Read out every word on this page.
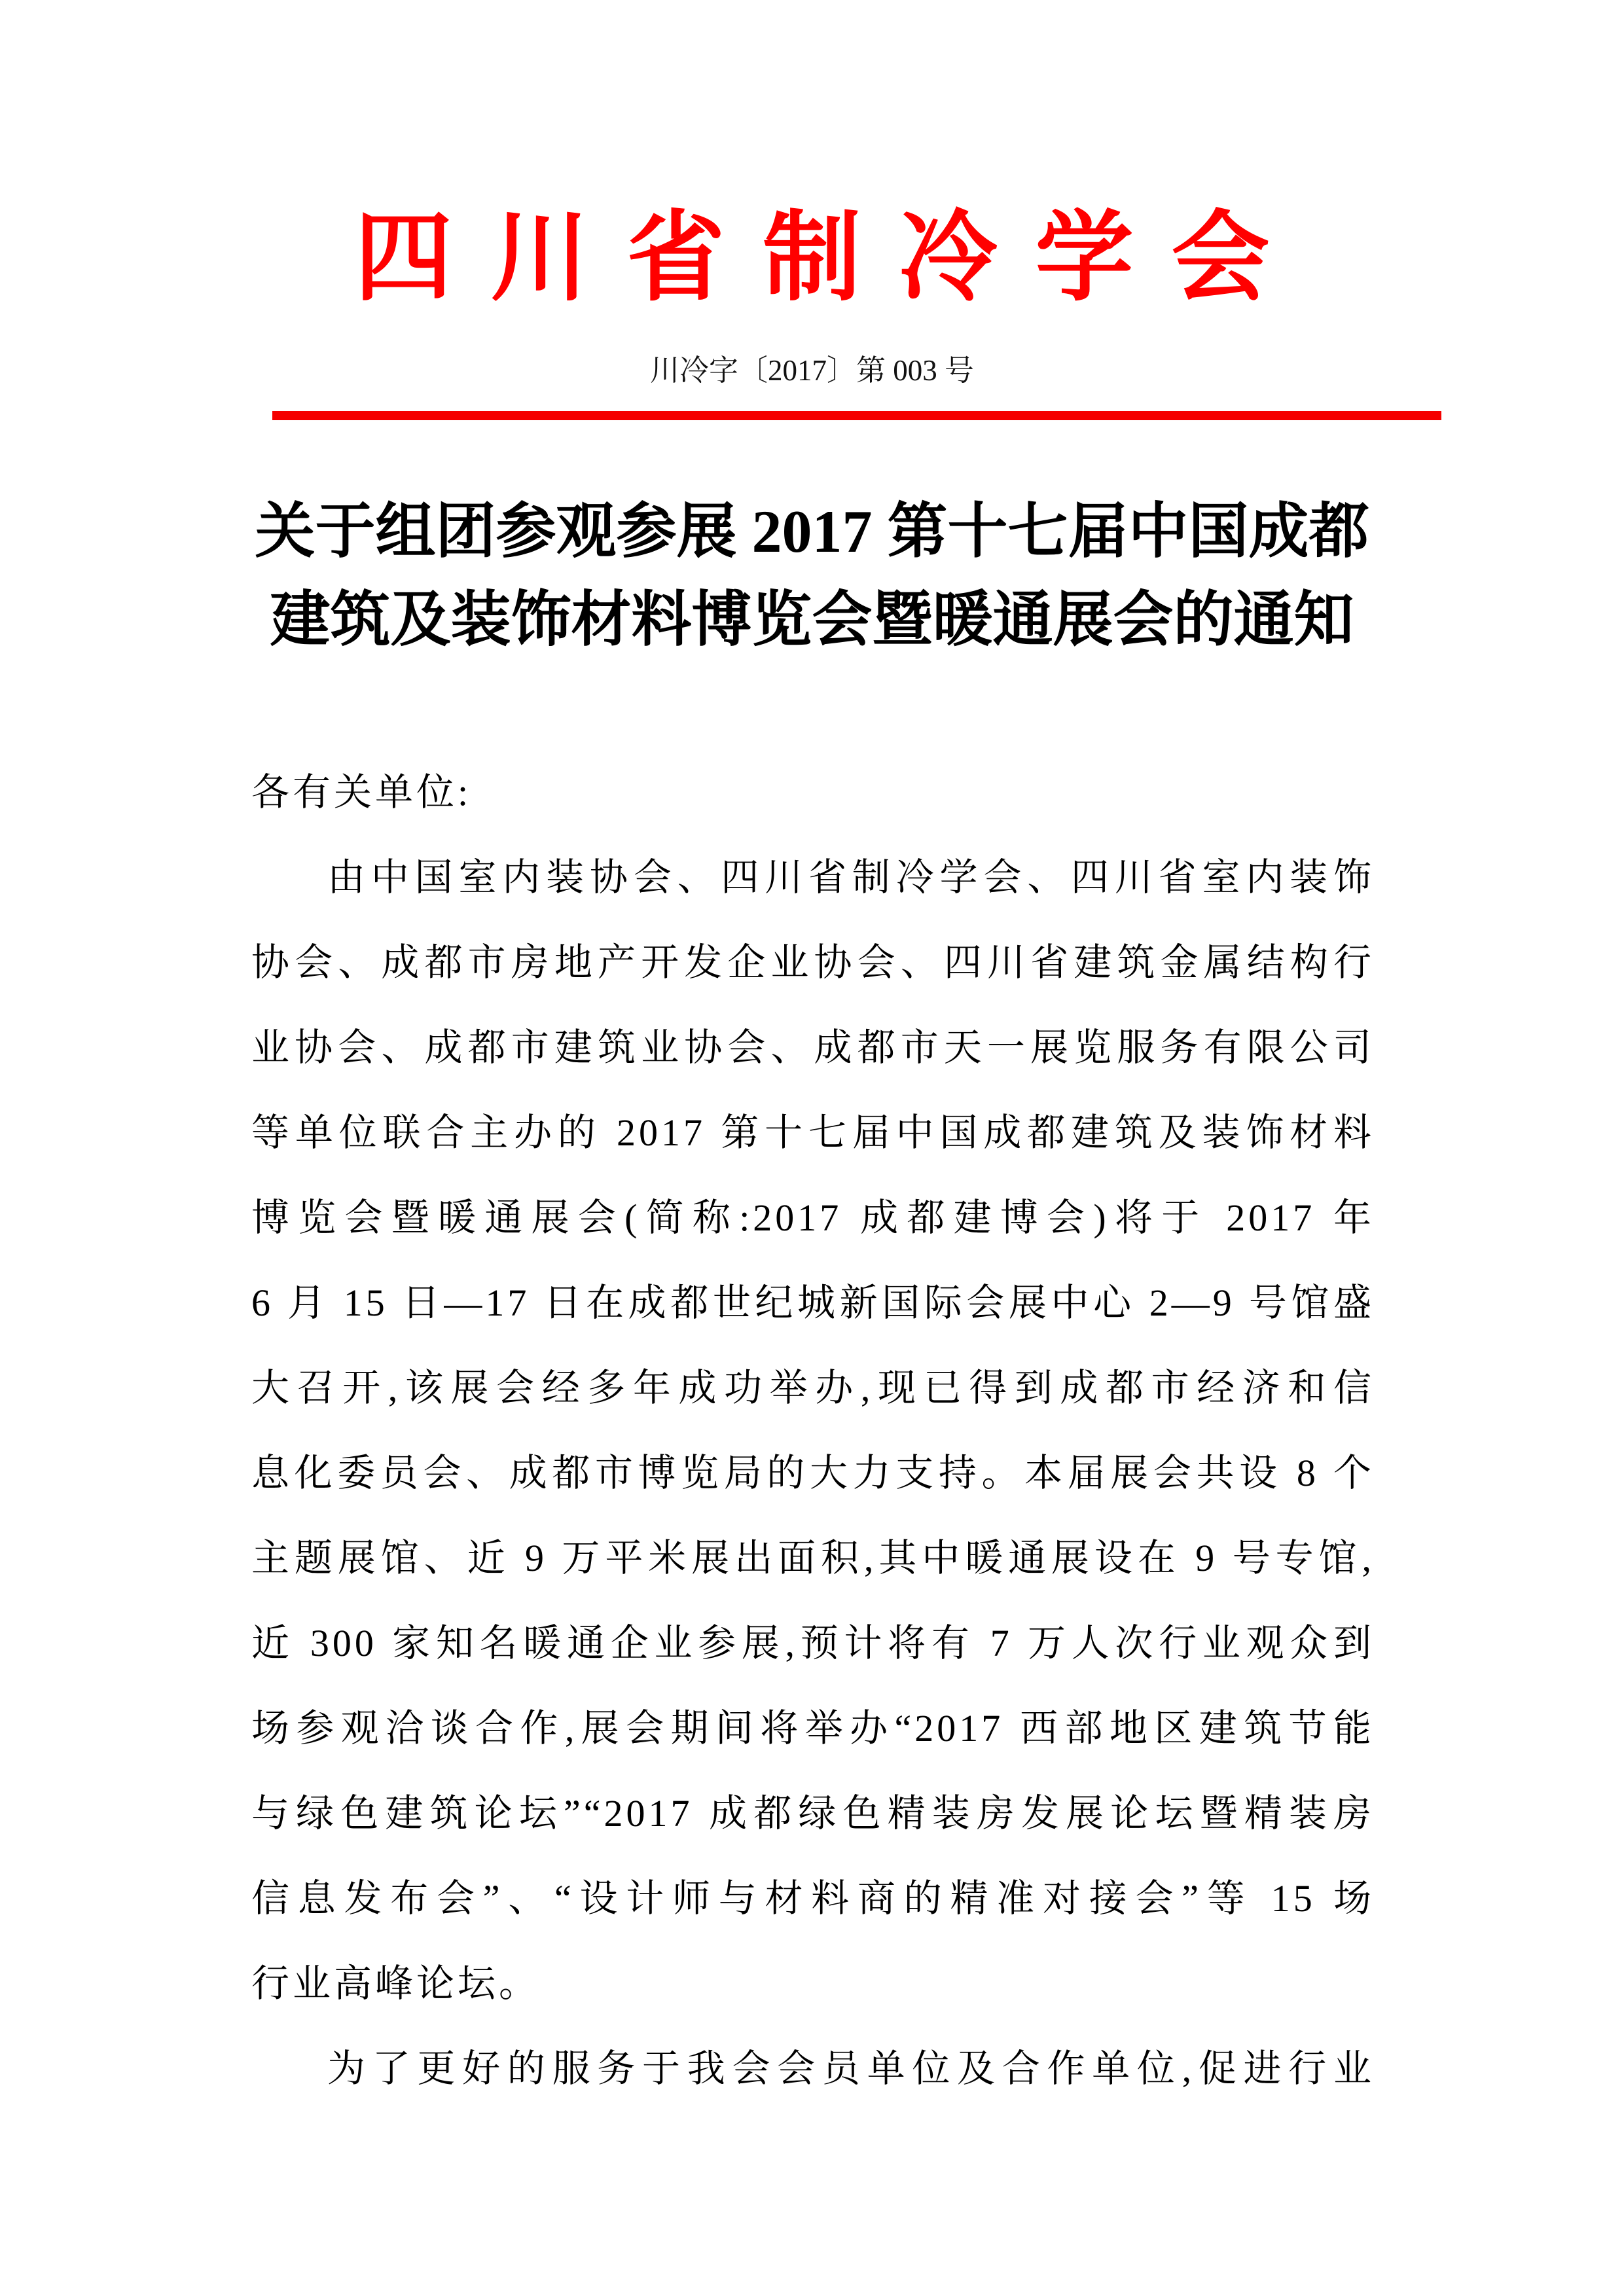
四川省制冷学会
川冷字〔2017〕第 003 号
关于组团参观参展 2017 第十七届中国成都
建筑及装饰材料博览会暨暖通展会的通知
各有关单位:
由中国室内装协会、四川省制冷学会、四川省室内装饰
协会、成都市房地产开发企业协会、四川省建筑金属结构行
业协会、成都市建筑业协会、成都市天一展览服务有限公司
等单位联合主办的 2017 第十七届中国成都建筑及装饰材料
博览会暨暖通展会(简称:2017 成都建博会)将于 2017 年
6 月 15 日—17 日在成都世纪城新国际会展中心 2—9 号馆盛
大召开,该展会经多年成功举办,现已得到成都市经济和信
息化委员会、成都市博览局的大力支持。本届展会共设 8 个
主题展馆、近 9 万平米展出面积,其中暖通展设在 9 号专馆,
近 300 家知名暖通企业参展,预计将有 7 万人次行业观众到
场参观洽谈合作,展会期间将举办“2017 西部地区建筑节能
与绿色建筑论坛”“2017 成都绿色精装房发展论坛暨精装房
信息发布会”、“设计师与材料商的精准对接会”等 15 场
行业高峰论坛。
为了更好的服务于我会会员单位及合作单位,促进行业
